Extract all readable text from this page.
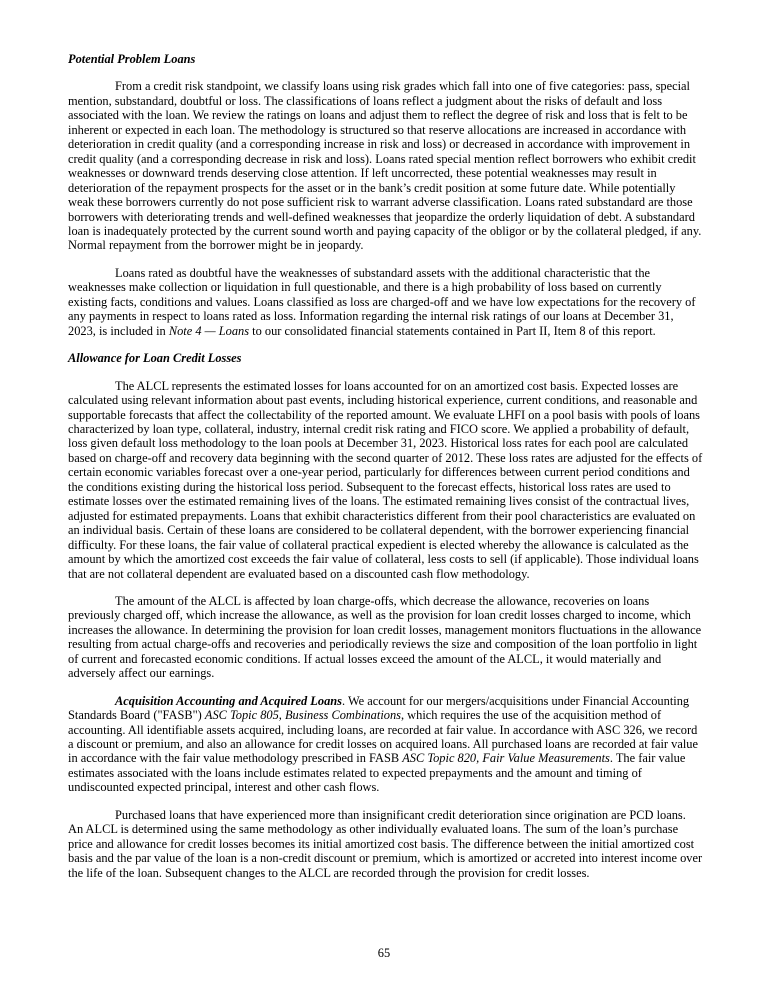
Potential Problem Loans

From a credit risk standpoint, we classify loans using risk grades which fall into one of five categories: pass, special mention, substandard, doubtful or loss. The classifications of loans reflect a judgment about the risks of default and loss associated with the loan. We review the ratings on loans and adjust them to reflect the degree of risk and loss that is felt to be inherent or expected in each loan. The methodology is structured so that reserve allocations are increased in accordance with deterioration in credit quality (and a corresponding increase in risk and loss) or decreased in accordance with improvement in credit quality (and a corresponding decrease in risk and loss). Loans rated special mention reflect borrowers who exhibit credit weaknesses or downward trends deserving close attention. If left uncorrected, these potential weaknesses may result in deterioration of the repayment prospects for the asset or in the bank’s credit position at some future date. While potentially weak these borrowers currently do not pose sufficient risk to warrant adverse classification. Loans rated substandard are those borrowers with deteriorating trends and well-defined weaknesses that jeopardize the orderly liquidation of debt. A substandard loan is inadequately protected by the current sound worth and paying capacity of the obligor or by the collateral pledged, if any. Normal repayment from the borrower might be in jeopardy.

Loans rated as doubtful have the weaknesses of substandard assets with the additional characteristic that the weaknesses make collection or liquidation in full questionable, and there is a high probability of loss based on currently existing facts, conditions and values. Loans classified as loss are charged-off and we have low expectations for the recovery of any payments in respect to loans rated as loss. Information regarding the internal risk ratings of our loans at December 31, 2023, is included in Note 4 — Loans to our consolidated financial statements contained in Part II, Item 8 of this report.

Allowance for Loan Credit Losses

The ALCL represents the estimated losses for loans accounted for on an amortized cost basis. Expected losses are calculated using relevant information about past events, including historical experience, current conditions, and reasonable and supportable forecasts that affect the collectability of the reported amount. We evaluate LHFI on a pool basis with pools of loans characterized by loan type, collateral, industry, internal credit risk rating and FICO score. We applied a probability of default, loss given default loss methodology to the loan pools at December 31, 2023. Historical loss rates for each pool are calculated based on charge-off and recovery data beginning with the second quarter of 2012. These loss rates are adjusted for the effects of certain economic variables forecast over a one-year period, particularly for differences between current period conditions and the conditions existing during the historical loss period. Subsequent to the forecast effects, historical loss rates are used to estimate losses over the estimated remaining lives of the loans. The estimated remaining lives consist of the contractual lives, adjusted for estimated prepayments. Loans that exhibit characteristics different from their pool characteristics are evaluated on an individual basis. Certain of these loans are considered to be collateral dependent, with the borrower experiencing financial difficulty. For these loans, the fair value of collateral practical expedient is elected whereby the allowance is calculated as the amount by which the amortized cost exceeds the fair value of collateral, less costs to sell (if applicable). Those individual loans that are not collateral dependent are evaluated based on a discounted cash flow methodology.

The amount of the ALCL is affected by loan charge-offs, which decrease the allowance, recoveries on loans previously charged off, which increase the allowance, as well as the provision for loan credit losses charged to income, which increases the allowance. In determining the provision for loan credit losses, management monitors fluctuations in the allowance resulting from actual charge-offs and recoveries and periodically reviews the size and composition of the loan portfolio in light of current and forecasted economic conditions. If actual losses exceed the amount of the ALCL, it would materially and adversely affect our earnings.

Acquisition Accounting and Acquired Loans. We account for our mergers/acquisitions under Financial Accounting Standards Board ("FASB") ASC Topic 805, Business Combinations, which requires the use of the acquisition method of accounting. All identifiable assets acquired, including loans, are recorded at fair value. In accordance with ASC 326, we record a discount or premium, and also an allowance for credit losses on acquired loans. All purchased loans are recorded at fair value in accordance with the fair value methodology prescribed in FASB ASC Topic 820, Fair Value Measurements. The fair value estimates associated with the loans include estimates related to expected prepayments and the amount and timing of undiscounted expected principal, interest and other cash flows.

Purchased loans that have experienced more than insignificant credit deterioration since origination are PCD loans. An ALCL is determined using the same methodology as other individually evaluated loans. The sum of the loan’s purchase price and allowance for credit losses becomes its initial amortized cost basis. The difference between the initial amortized cost basis and the par value of the loan is a non-credit discount or premium, which is amortized or accreted into interest income over the life of the loan. Subsequent changes to the ALCL are recorded through the provision for credit losses.

65
